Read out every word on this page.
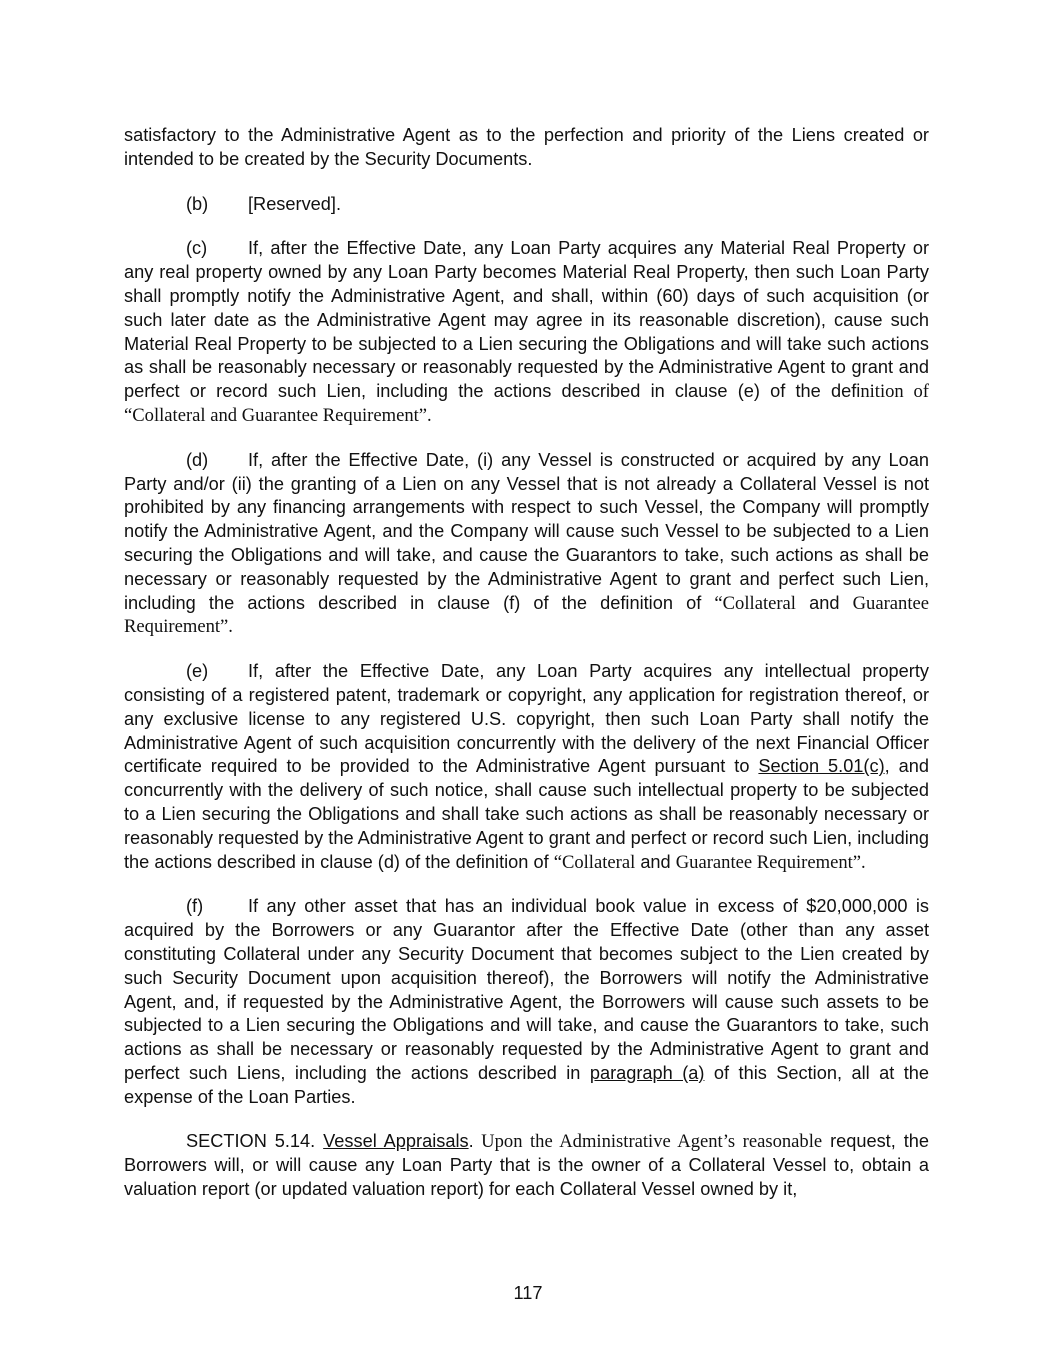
satisfactory to the Administrative Agent as to the perfection and priority of the Liens created or intended to be created by the Security Documents.

(b) [Reserved].

(c) If, after the Effective Date, any Loan Party acquires any Material Real Property or any real property owned by any Loan Party becomes Material Real Property, then such Loan Party shall promptly notify the Administrative Agent, and shall, within (60) days of such acquisition (or such later date as the Administrative Agent may agree in its reasonable discretion), cause such Material Real Property to be subjected to a Lien securing the Obligations and will take such actions as shall be reasonably necessary or reasonably requested by the Administrative Agent to grant and perfect or record such Lien, including the actions described in clause (e) of the definition of “Collateral and Guarantee Requirement”.

(d) If, after the Effective Date, (i) any Vessel is constructed or acquired by any Loan Party and/or (ii) the granting of a Lien on any Vessel that is not already a Collateral Vessel is not prohibited by any financing arrangements with respect to such Vessel, the Company will promptly notify the Administrative Agent, and the Company will cause such Vessel to be subjected to a Lien securing the Obligations and will take, and cause the Guarantors to take, such actions as shall be necessary or reasonably requested by the Administrative Agent to grant and perfect such Lien, including the actions described in clause (f) of the definition of “Collateral and Guarantee Requirement”.

(e) If, after the Effective Date, any Loan Party acquires any intellectual property consisting of a registered patent, trademark or copyright, any application for registration thereof, or any exclusive license to any registered U.S. copyright, then such Loan Party shall notify the Administrative Agent of such acquisition concurrently with the delivery of the next Financial Officer certificate required to be provided to the Administrative Agent pursuant to Section 5.01(c), and concurrently with the delivery of such notice, shall cause such intellectual property to be subjected to a Lien securing the Obligations and shall take such actions as shall be reasonably necessary or reasonably requested by the Administrative Agent to grant and perfect or record such Lien, including the actions described in clause (d) of the definition of “Collateral and Guarantee Requirement”.

(f) If any other asset that has an individual book value in excess of $20,000,000 is acquired by the Borrowers or any Guarantor after the Effective Date (other than any asset constituting Collateral under any Security Document that becomes subject to the Lien created by such Security Document upon acquisition thereof), the Borrowers will notify the Administrative Agent, and, if requested by the Administrative Agent, the Borrowers will cause such assets to be subjected to a Lien securing the Obligations and will take, and cause the Guarantors to take, such actions as shall be necessary or reasonably requested by the Administrative Agent to grant and perfect such Liens, including the actions described in paragraph (a) of this Section, all at the expense of the Loan Parties.

SECTION 5.14. Vessel Appraisals. Upon the Administrative Agent’s reasonable request, the Borrowers will, or will cause any Loan Party that is the owner of a Collateral Vessel to, obtain a valuation report (or updated valuation report) for each Collateral Vessel owned by it,

117
